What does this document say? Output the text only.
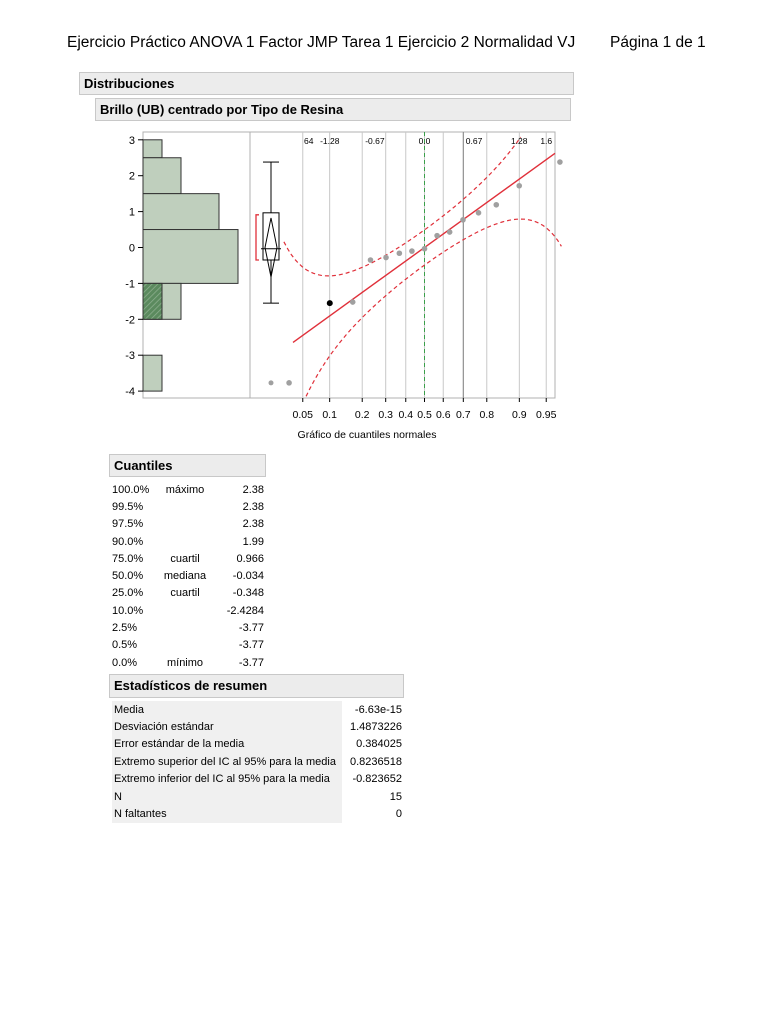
Ejercicio Práctico ANOVA 1 Factor JMP Tarea 1 Ejercicio 2 Normalidad VJ Página 1 de 1
Distribuciones
Brillo (UB) centrado por Tipo de Resina
3
2
1
0
-1
-2
-3
-4
64 -1.28	-0.67	0.0	0.67	1.28 1.6
0.05 0.1 0.2 0.3 0.4 0.5 0.6 0.7 0.8 0.9 0.95
Gráfico de cuantiles normales
Cuantiles
100.0%	máximo	2.38
99.5%		2.38
97.5%		2.38
90.0%		1.99
75.0%	cuartil	0.966
50.0%	mediana	-0.034
25.0%	cuartil	-0.348
10.0%		-2.4284
2.5%		-3.77
0.5%		-3.77
0.0%	mínimo	-3.77
Estadísticos de resumen
Media	-6.63e-15
Desviación estándar	1.4873226
Error estándar de la media	0.384025
Extremo superior del IC al 95% para la media	0.8236518
Extremo inferior del IC al 95% para la media	-0.823652
N	15
N faltantes	0
